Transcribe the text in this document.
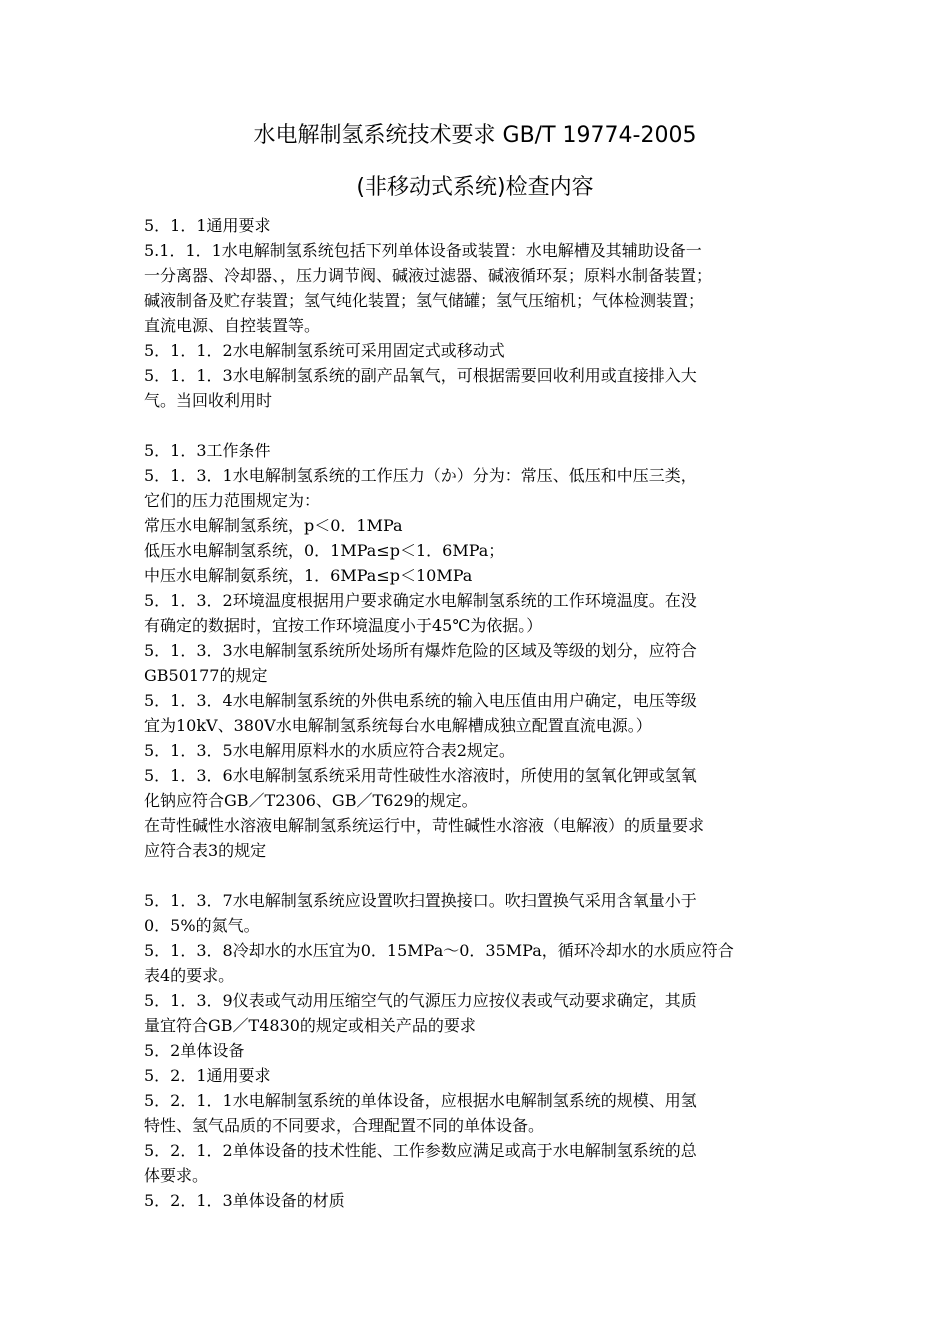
水电解制氢系统技术要求 GB/T 19774-2005
(非移动式系统)检查内容
5．1．1通用要求
5.1．1．1水电解制氢系统包括下列单体设备或装置：水电解槽及其辅助设备一
一分离器、冷却器、，压力调节阀、碱液过滤器、碱液循环泵；原料水制备装置；
碱液制备及贮存装置；氢气纯化装置；氢气储罐；氢气压缩机；气体检测装置；
直流电源、自控装置等。
5．1．1．2水电解制氢系统可采用固定式或移动式
5．1．1．3水电解制氢系统的副产品氧气，可根据需要回收利用或直接排入大
气。当回收利用时
5．1．3工作条件
5．1．3．1水电解制氢系统的工作压力（か）分为：常压、低压和中压三类，
它们的压力范围规定为：
常压水电解制氢系统，p＜0．1MPa
低压水电解制氢系统，0．1MPa≤p＜1．6MPa；
中压水电解制氨系统，1．6MPa≤p＜10MPa
5．1．3．2环境温度根据用户要求确定水电解制氢系统的工作环境温度。在没
有确定的数据时，宜按工作环境温度小于45℃为依据。）
5．1．3．3水电解制氢系统所处场所有爆炸危险的区域及等级的划分，应符合
GB50177的规定
5．1．3．4水电解制氢系统的外供电系统的输入电压值由用户确定，电压等级
宜为10kV、380V水电解制氢系统每台水电解槽成独立配置直流电源。）
5．1．3．5水电解用原料水的水质应符合表2规定。
5．1．3．6水电解制氢系统采用苛性破性水溶液时，所使用的氢氧化钾或氢氧
化钠应符合GB／T2306、GB／T629的规定。
在苛性碱性水溶液电解制氢系统运行中，苛性碱性水溶液（电解液）的质量要求
应符合表3的规定
5．1．3．7水电解制氢系统应设置吹扫置换接口。吹扫置换气采用含氧量小于
0．5%的氮气。
5．1．3．8冷却水的水压宜为0．15MPa～0．35MPa，循环冷却水的水质应符合
表4的要求。
5．1．3．9仪表或气动用压缩空气的气源压力应按仪表或气动要求确定，其质
量宜符合GB／T4830的规定或相关产品的要求
5．2单体设备
5．2．1通用要求
5．2．1．1水电解制氢系统的单体设备，应根据水电解制氢系统的规模、用氢
特性、氢气品质的不同要求，合理配置不同的单体设备。
5．2．1．2单体设备的技术性能、工作参数应满足或高于水电解制氢系统的总
体要求。
5．2．1．3单体设备的材质
